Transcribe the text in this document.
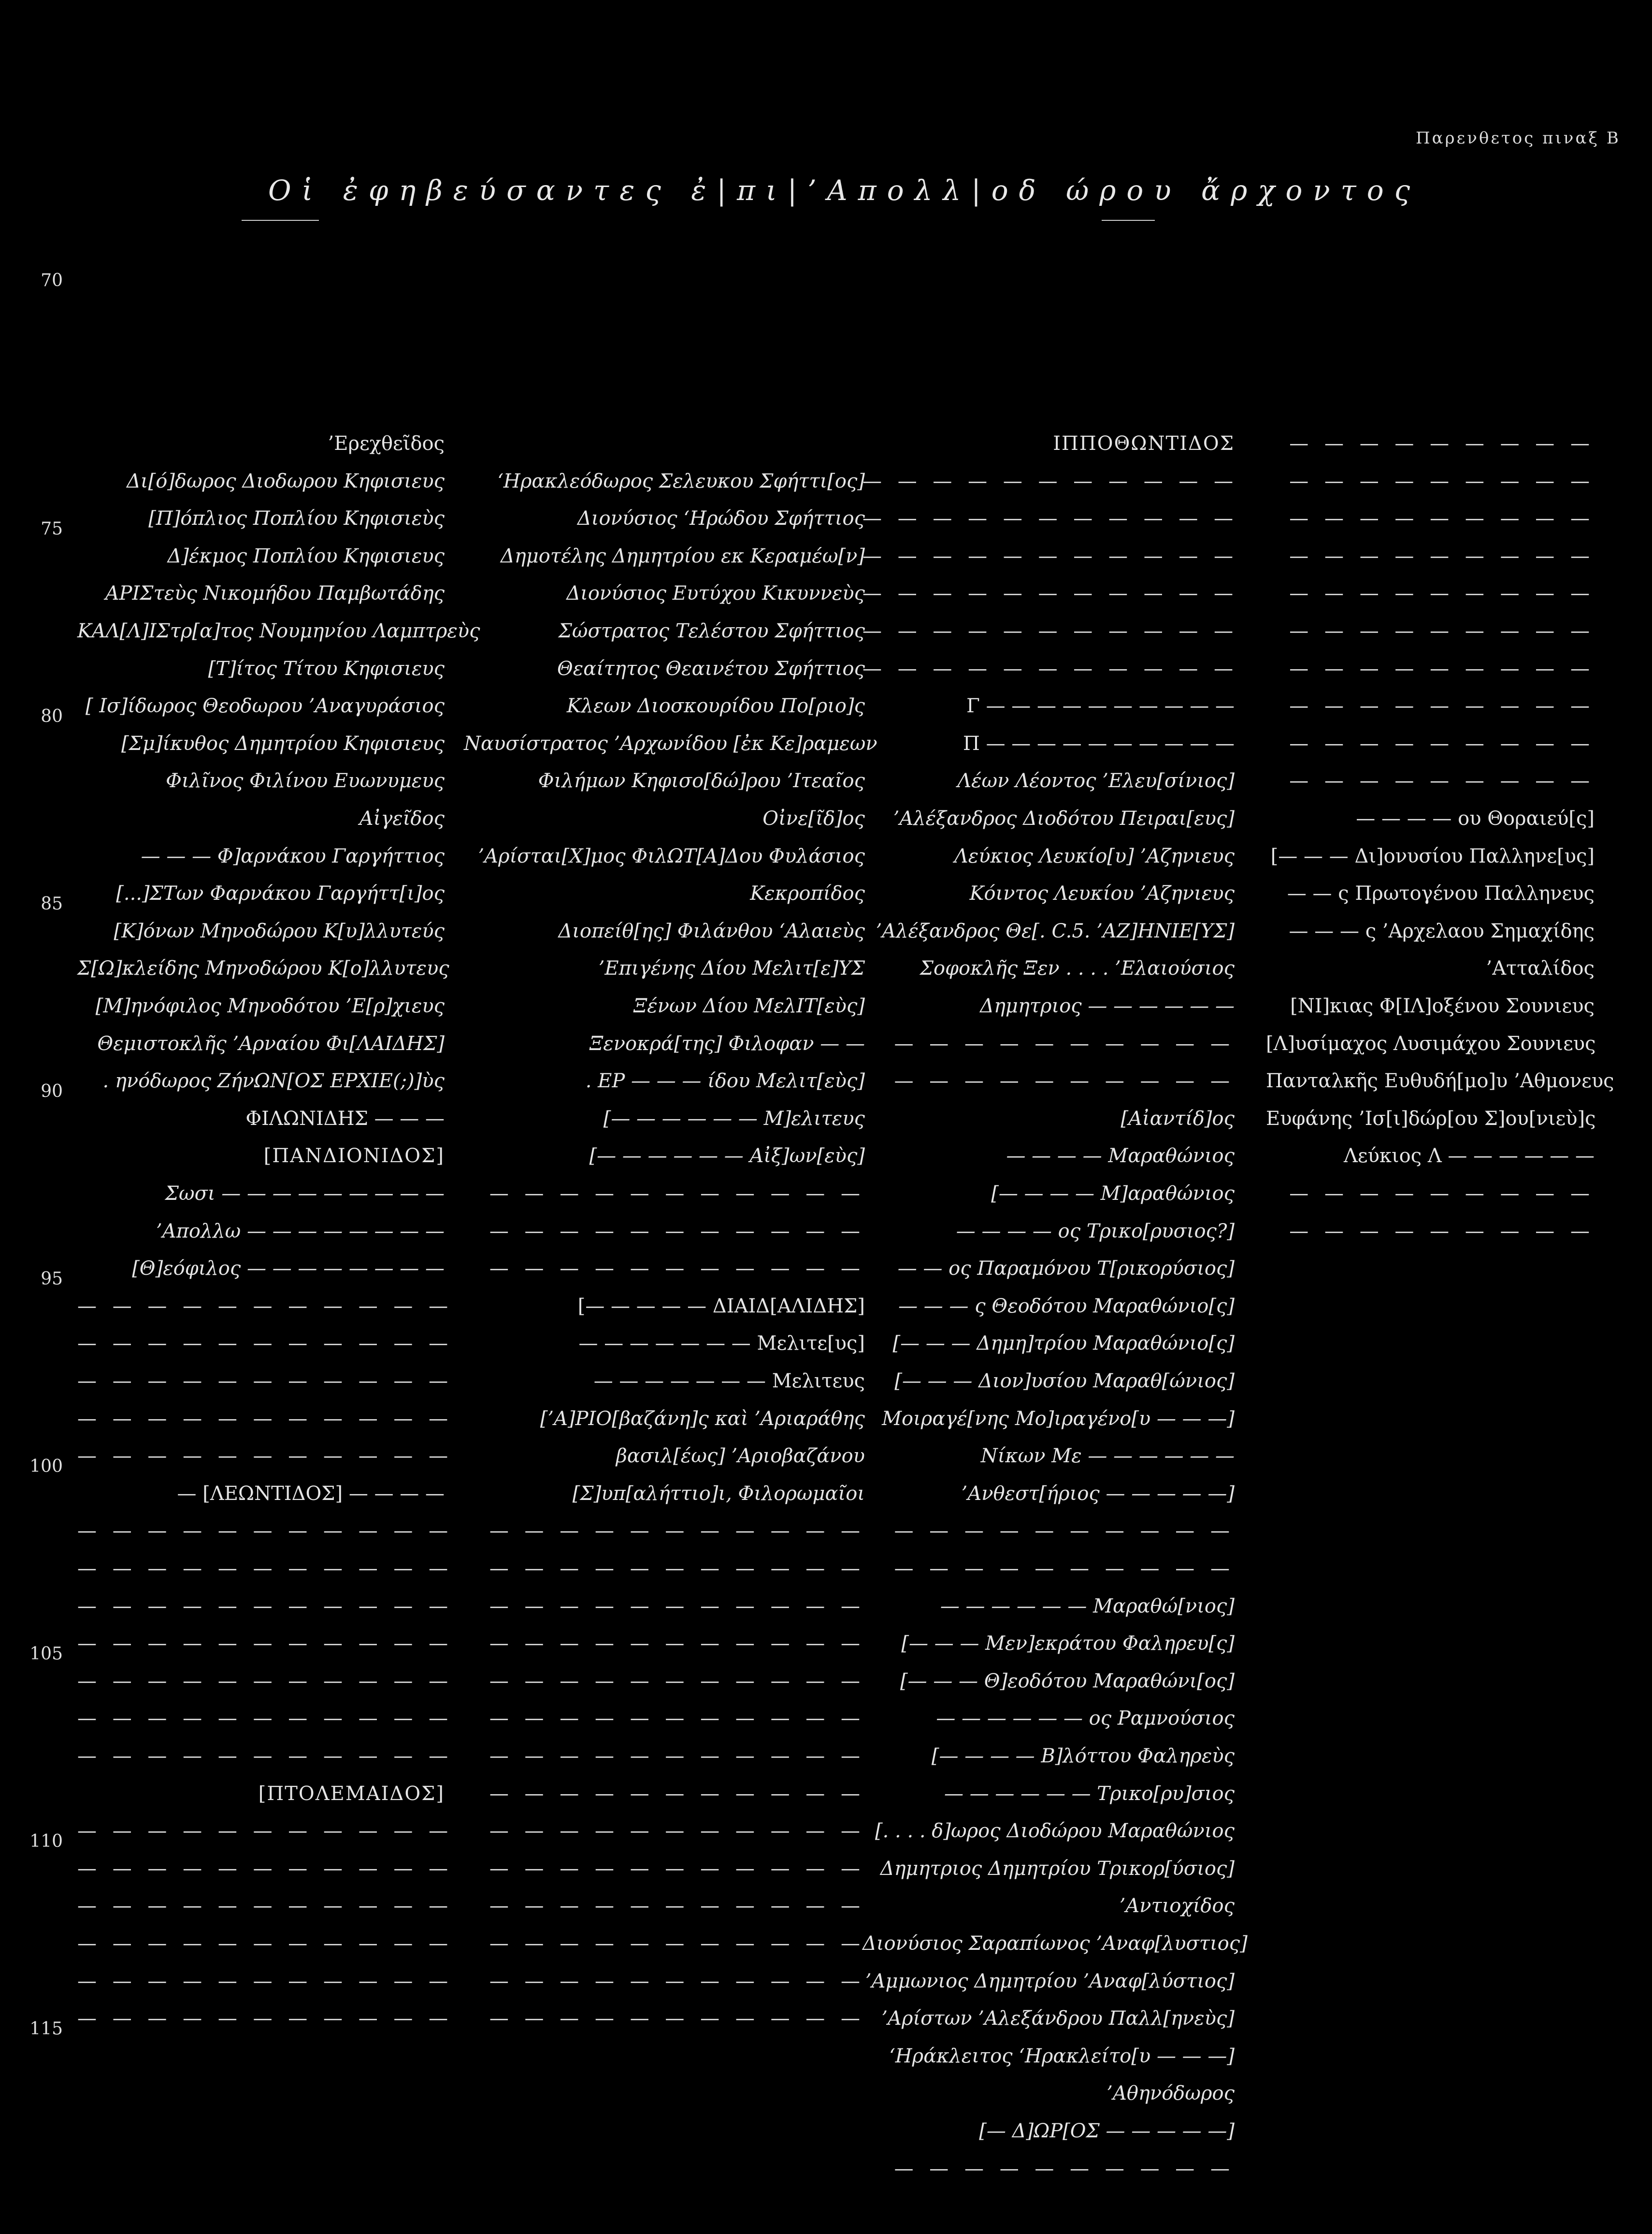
Παρενθετος πιναξ Β
Οἱ ἐφηβεύσαντες ἐ|πι|’Απολλ|οδ ώρου ἄρχοντος
70
75
80
85
90
95
100
105
110
115
’Ερεχθεῖδος
Δι[ό]δωρος Διοδωρου Κηφισιευς
[Π]όπλιος Ποπλίου Κηφισιεὺς
Δ]έκμος Ποπλίου Κηφισιευς
ΑΡΙΣτεὺς Νικομήδου Παμβωτάδης
ΚΑΛ[Λ]ΙΣτρ[α]τος Νουμηνίου Λαμπτρεὺς
[Τ]ίτος Τίτου Κηφισιευς
[ Ισ]ίδωρος Θεοδωρου ’Αναγυράσιος
[Σμ]ίκυθος Δημητρίου Κηφισιευς
Φιλῖνος Φιλίνου Ευωνυμευς
Αἰγεῖδος
— — — Φ]αρνάκου Γαργήττιος
[...]ΣΤων Φαρνάκου Γαργήττ[ι]ος
[Κ]όνων Μηνοδώρου Κ[υ]λλυτεύς
Σ[Ω]κλείδης Μηνοδώρου Κ[ο]λλυτευς
[Μ]ηνόφιλος Μηνοδότου ’Ε[ρ]χιευς
Θεμιστοκλῆς ’Αρναίου Φι[ΛΑΙΔΗΣ]
. ηνόδωρος ΖήνΩΝ[ΟΣ ΕΡΧΙΕ(;)]ὺς
ΦΙΛΩΝΙΔΗΣ — — —
[ΠΑΝΔΙΟΝΙΔΟΣ]
Σωσι — — — — — — — — —
’Απολλω — — — — — — — —
[Θ]εόφιλος — — — — — — — —
— — — — — — — — — — —
— — — — — — — — — — —
— — — — — — — — — — —
— — — — — — — — — — —
— — — — — — — — — — —
— [ΛΕΩΝΤΙΔΟΣ] — — — —
— — — — — — — — — — —
— — — — — — — — — — —
— — — — — — — — — — —
— — — — — — — — — — —
— — — — — — — — — — —
— — — — — — — — — — —
— — — — — — — — — — —
[ΠΤΟΛΕΜΑΙΔΟΣ]
— — — — — — — — — — —
— — — — — — — — — — —
— — — — — — — — — — —
— — — — — — — — — — —
— — — — — — — — — — —
— — — — — — — — — — —
‘Ηρακλεόδωρος Σελευκου Σφήττι[ος]
Διονύσιος ‘Ηρώδου Σφήττιος
Δημοτέλης Δημητρίου εκ Κεραμέω[ν]
Διονύσιος Ευτύχου Κικυννεὺς
Σώστρατος Τελέστου Σφήττιος
Θεαίτητος Θεαινέτου Σφήττιος
Κλεων Διοσκουρίδου Πο[ριο]ς
Ναυσίστρατος ’Αρχωνίδου [ἐκ Κε]ραμεων
Φιλήμων Κηφισο[δώ]ρου ’Ιτεαῖος
Οἰνε[ῖδ]ος
’Αρίσται[Χ]μος ΦιλΩΤ[Α]Δου Φυλάσιος
Κεκροπίδος
Διοπείθ[ης] Φιλάνθου ‘Αλαιεὺς
’Επιγένης Δίου Μελιτ[ε]ΥΣ
Ξένων Δίου ΜελΙΤ[εὺς]
Ξενοκρά[της] Φιλοφαν — —
. ΕΡ — — — ίδου Μελιτ[εὺς]
[— — — — — — Μ]ελιτευς
[— — — — — — Αἰξ]ων[εὺς]
— — — — — — — — — — —
— — — — — — — — — — —
— — — — — — — — — — —
[— — — — — ΔΙΑΙΔ[ΑΛΙΔΗΣ]
— — — — — — — Μελιτε[υς]
— — — — — — — Μελιτευς
[’Α]ΡΙΟ[βαζάνη]ς καὶ ’Αριαράθης
βασιλ[έως] ’Αριοβαζάνου
[Σ]υπ[αλήττιο]ι, Φιλορωμαῖοι
— — — — — — — — — — —
— — — — — — — — — — —
— — — — — — — — — — —
— — — — — — — — — — —
— — — — — — — — — — —
— — — — — — — — — — —
— — — — — — — — — — —
— — — — — — — — — — —
— — — — — — — — — — —
— — — — — — — — — — —
— — — — — — — — — — —
— — — — — — — — — — —
— — — — — — — — — — —
— — — — — — — — — — —
ΙΠΠΟΘΩΝΤΙΔΟΣ
— — — — — — — — — — —
— — — — — — — — — — —
— — — — — — — — — — —
— — — — — — — — — — —
— — — — — — — — — — —
— — — — — — — — — — —
Γ — — — — — — — — — —
Π — — — — — — — — — —
Λέων Λέοντος ’Ελευ[σίνιος]
’Αλέξανδρος Διοδότου Πειραι[ευς]
Λεύκιος Λευκίο[υ] ’Αζηνιευς
Κόιντος Λευκίου ’Αζηνιευς
’Αλέξανδρος Θε[. C.5. ’ΑΖ]ΗΝΙΕ[ΥΣ]
Σοφοκλῆς Ξεν . . . . ’Ελαιούσιος
Δημητριος — — — — — —
— — — — — — — — — —
— — — — — — — — — —
[Αἰαντίδ]ος
— — — — Μαραθώνιος
[— — — — Μ]αραθώνιος
— — — — ος Τρικο[ρυσιος?]
— — ος Παραμόνου Τ[ρικορύσιος]
— — — ς Θεοδότου Μαραθώνιο[ς]
[— — — Δημη]τρίου Μαραθώνιο[ς]
[— — — Διον]υσίου Μαραθ[ώνιος]
Μοιραγέ[νης Μο]ιραγένο[υ — — —]
Νίκων Με — — — — — —
’Ανθεστ[ήριος — — — — —]
— — — — — — — — — —
— — — — — — — — — —
— — — — — — Μαραθώ[νιος]
[— — — Μεν]εκράτου Φαληρευ[ς]
[— — — Θ]εοδότου Μαραθώνι[ος]
— — — — — — ος Ραμνούσιος
[— — — — Β]λόττου Φαληρεὺς
— — — — — — Τρικο[ρυ]σιος
[. . . . δ]ωρος Διοδώρου Μαραθώνιος
Δημητριος Δημητρίου Τρικορ[ύσιος]
’Αντιοχίδος
Διονύσιος Σαραπίωνος ’Αναφ[λυστιος]
’Αμμωνιος Δημητρίου ’Αναφ[λύστιος]
’Αρίστων ’Αλεξάνδρου Παλλ[ηνεὺς]
‘Ηράκλειτος ‘Ηρακλείτο[υ — — —]
’Αθηνόδωρος
[— Δ]ΩΡ[ΟΣ — — — — —]
— — — — — — — — — —
— — — — — — — — —
— — — — — — — — —
— — — — — — — — —
— — — — — — — — —
— — — — — — — — —
— — — — — — — — —
— — — — — — — — —
— — — — — — — — —
— — — — — — — — —
— — — — — — — — —
— — — — ου Θοραιεύ[ς]
[— — — Δι]ονυσίου Παλληνε[υς]
— — ς Πρωτογένου Παλληνευς
— — — ς ’Αρχελαου Σημαχίδης
’Ατταλίδος
[ΝΙ]κιας Φ[ΙΛ]οξένου Σουνιευς
[Λ]υσίμαχος Λυσιμάχου Σουνιευς
Πανταλκῆς Ευθυδή[μο]υ ’Αθμονευς
Ευφάνης ’Ισ[ι]δώρ[ου Σ]ου[νιεὺ]ς
Λεύκιος Λ — — — — — —
— — — — — — — — —
— — — — — — — — —
